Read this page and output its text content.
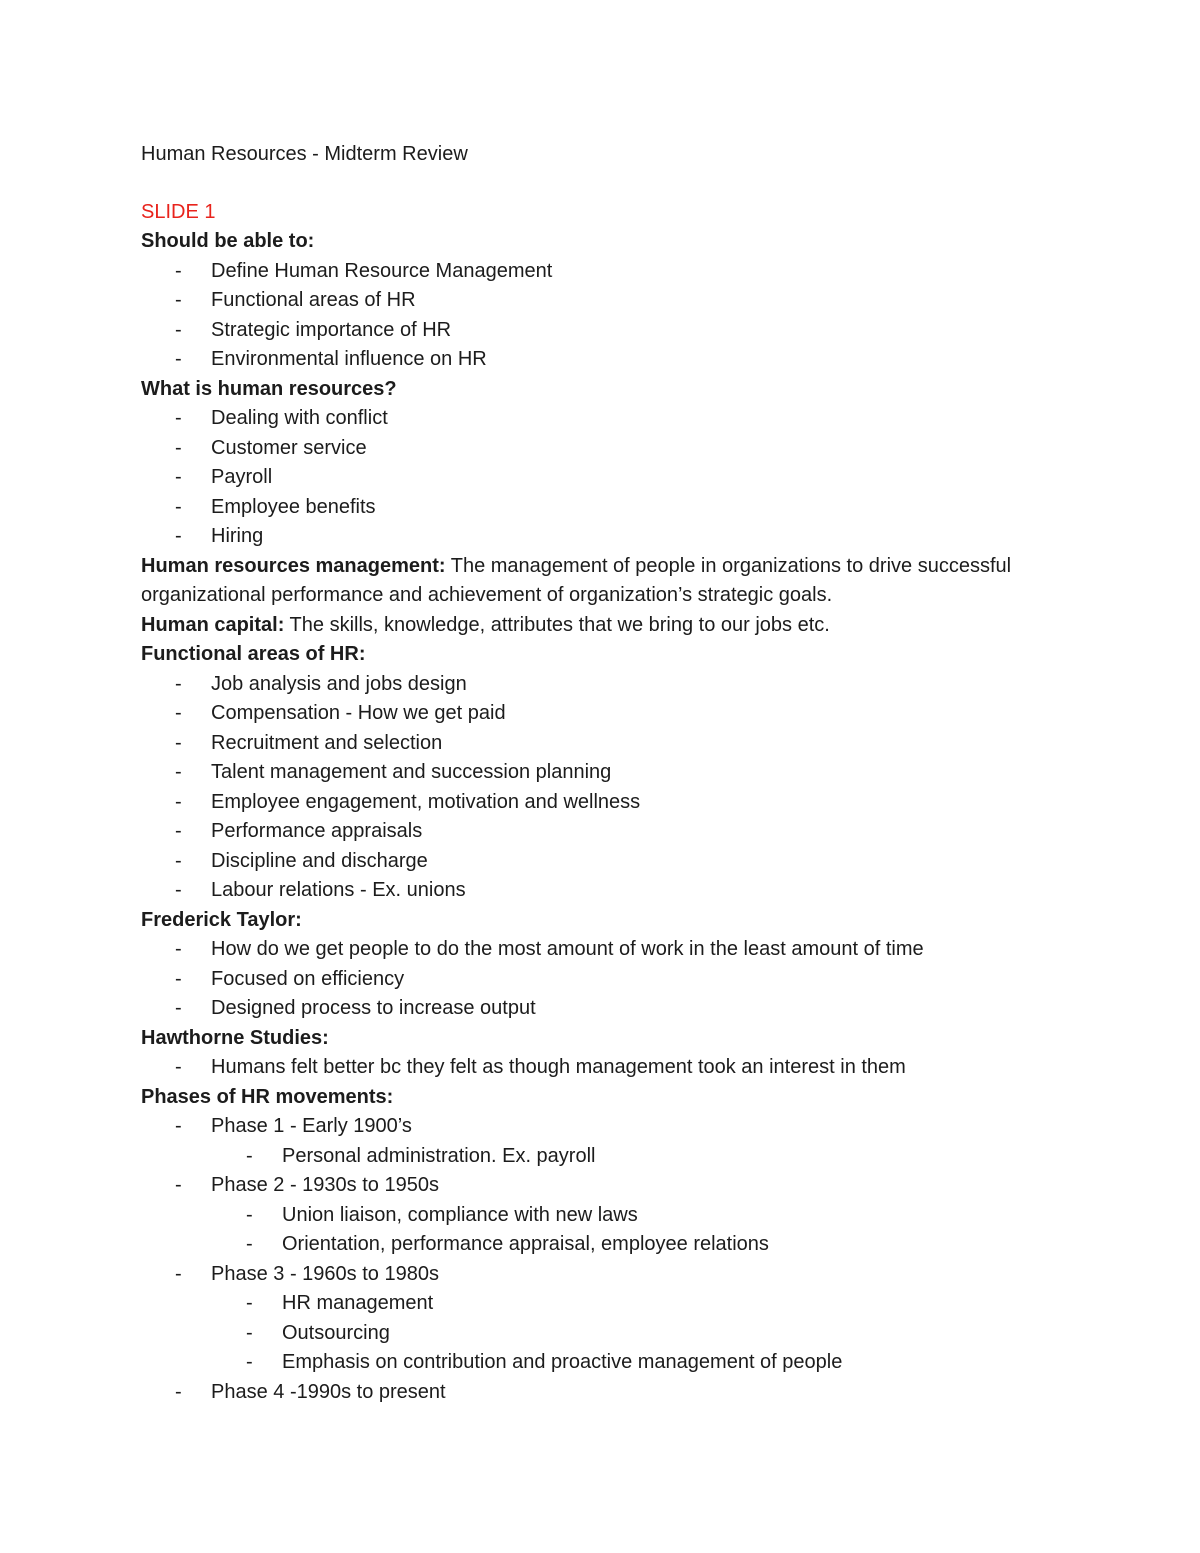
Human Resources - Midterm Review
SLIDE 1
Should be able to:
- Define Human Resource Management
- Functional areas of HR
- Strategic importance of HR
- Environmental influence on HR
What is human resources?
- Dealing with conflict
- Customer service
- Payroll
- Employee benefits
- Hiring
Human resources management: The management of people in organizations to drive successful organizational performance and achievement of organization’s strategic goals.
Human capital: The skills, knowledge, attributes that we bring to our jobs etc.
Functional areas of HR:
- Job analysis and jobs design
- Compensation - How we get paid
- Recruitment and selection
- Talent management and succession planning
- Employee engagement, motivation and wellness
- Performance appraisals
- Discipline and discharge
- Labour relations - Ex. unions
Frederick Taylor:
- How do we get people to do the most amount of work in the least amount of time
- Focused on efficiency
- Designed process to increase output
Hawthorne Studies:
- Humans felt better bc they felt as though management took an interest in them
Phases of HR movements:
- Phase 1 - Early 1900’s
- Personal administration. Ex. payroll
- Phase 2 - 1930s to 1950s
- Union liaison, compliance with new laws
- Orientation, performance appraisal, employee relations
- Phase 3 - 1960s to 1980s
- HR management
- Outsourcing
- Emphasis on contribution and proactive management of people
- Phase 4 -1990s to present
